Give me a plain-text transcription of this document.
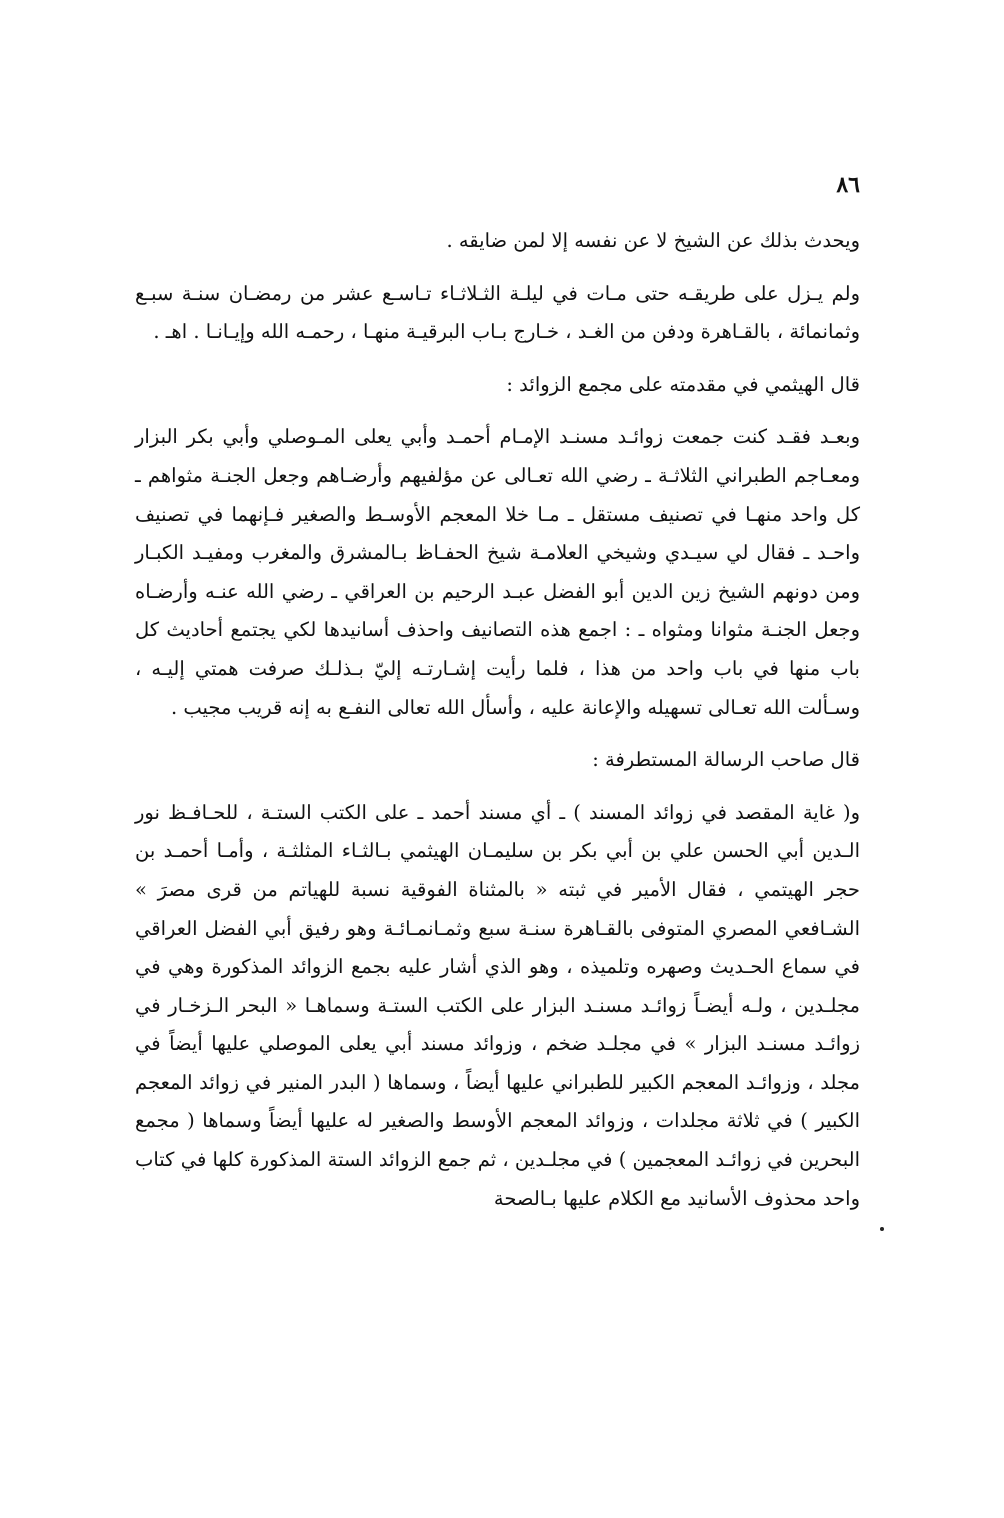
٨٦

ويحدث بذلك عن الشيخ لا عن نفسه إلا لمن ضايقه .

ولم يـزل على طريقـه حتى مـات في ليلـة الثـلاثـاء تـاسـع عشر من رمضـان سنـة سبـع وثمانمائة ، بالقـاهرة ودفن من الغـد ، خـارج بـاب البرقيـة منهـا ، رحمـه الله وإيـانـا . اهـ .

قال الهيثمي في مقدمته على مجمع الزوائد :

وبعـد فقـد كنت جمعت زوائـد مسنـد الإمـام أحمـد وأبي يعلى المـوصلي وأبي بكر البزار ومعـاجم الطبراني الثلاثـة ـ رضي الله تعـالى عن مؤلفيهم وأرضـاهم وجعل الجنـة مثواهم ـ كل واحد منهـا في تصنيف مستقل ـ مـا خلا المعجم الأوسـط والصغير فـإنهما في تصنيف واحـد ـ فقال لي سيـدي وشيخي العلامـة شيخ الحفـاظ بـالمشرق والمغرب ومفيـد الكبـار ومن دونهم الشيخ زين الدين أبو الفضل عبـد الرحيم بن العراقي ـ رضي الله عنـه وأرضـاه وجعل الجنـة مثوانا ومثواه ـ : اجمع هذه التصانيف واحذف أسانيدها لكي يجتمع أحاديث كل باب منها في باب واحد من هذا ، فلما رأيت إشـارتـه إليّ بـذلـك صرفت همتي إليـه ، وسـألت الله تعـالى تسهيله والإعانة عليه ، وأسأل الله تعالى النفـع به إنه قريب مجيب .

قال صاحب الرسالة المستطرفة :

و( غاية المقصد في زوائد المسند ) ـ أي مسند أحمد ـ على الكتب الستـة ، للحـافـظ نور الـدين أبي الحسن علي بن أبي بكر بن سليمـان الهيثمي بـالثـاء المثلثـة ، وأمـا أحمـد بن حجر الهيتمي ، فقال الأمير في ثبته « بالمثناة الفوقية نسبة للهياتم من قرى مصرَ » الشـافعي المصري المتوفى بالقـاهرة سنـة سبع وثمـانمـائـة وهو رفيق أبي الفضل العراقي في سماع الحـديث وصهره وتلميذه ، وهو الذي أشار عليه بجمع الزوائد المذكورة وهي في مجلـدين ، ولـه أيضـاً زوائـد مسنـد البزار على الكتب الستـة وسماهـا « البحر الـزخـار في زوائـد مسنـد البزار » في مجلـد ضخم ، وزوائد مسند أبي يعلى الموصلي عليها أيضاً في مجلد ، وزوائـد المعجم الكبير للطبراني عليها أيضاً ، وسماها ( البدر المنير في زوائد المعجم الكبير ) في ثلاثة مجلدات ، وزوائد المعجم الأوسط والصغير له عليها أيضاً وسماها ( مجمع البحرين في زوائـد المعجمين ) في مجلـدين ، ثم جمع الزوائد الستة المذكورة كلها في كتاب واحد محذوف الأسانيد مع الكلام عليها بـالصحة
